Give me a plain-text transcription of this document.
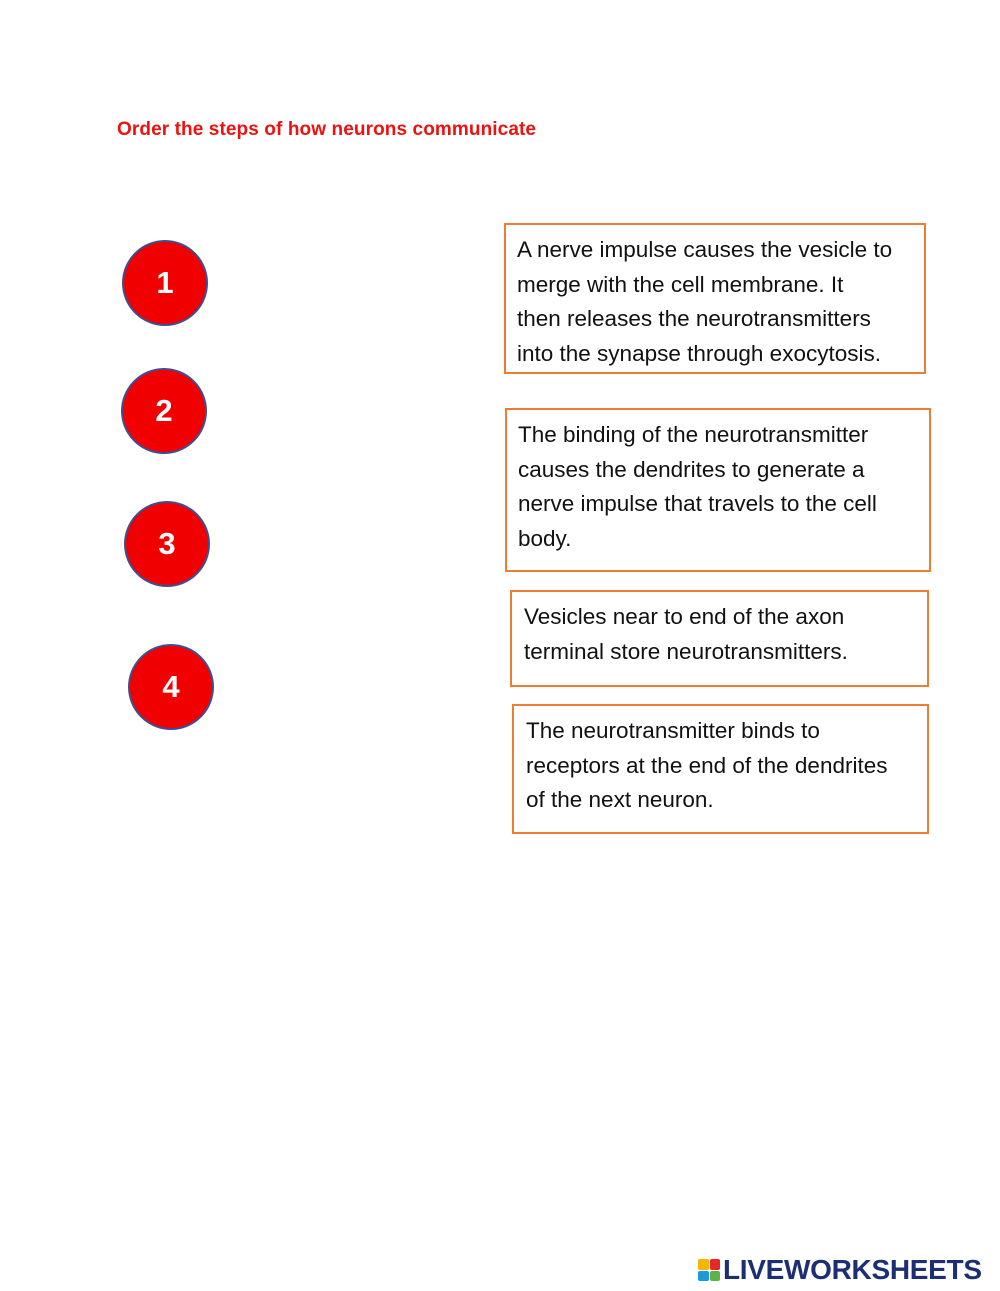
Order the steps of how neurons communicate
1
2
3
4
A nerve impulse causes the vesicle to
merge with the cell membrane. It
then releases the neurotransmitters
into the synapse through exocytosis.
The binding of the neurotransmitter
causes the dendrites to generate a
nerve impulse that travels to the cell
body.
Vesicles near to end of the axon
terminal store neurotransmitters.
The neurotransmitter binds to
receptors at the end of the dendrites
of the next neuron.
LIVEWORKSHEETS
